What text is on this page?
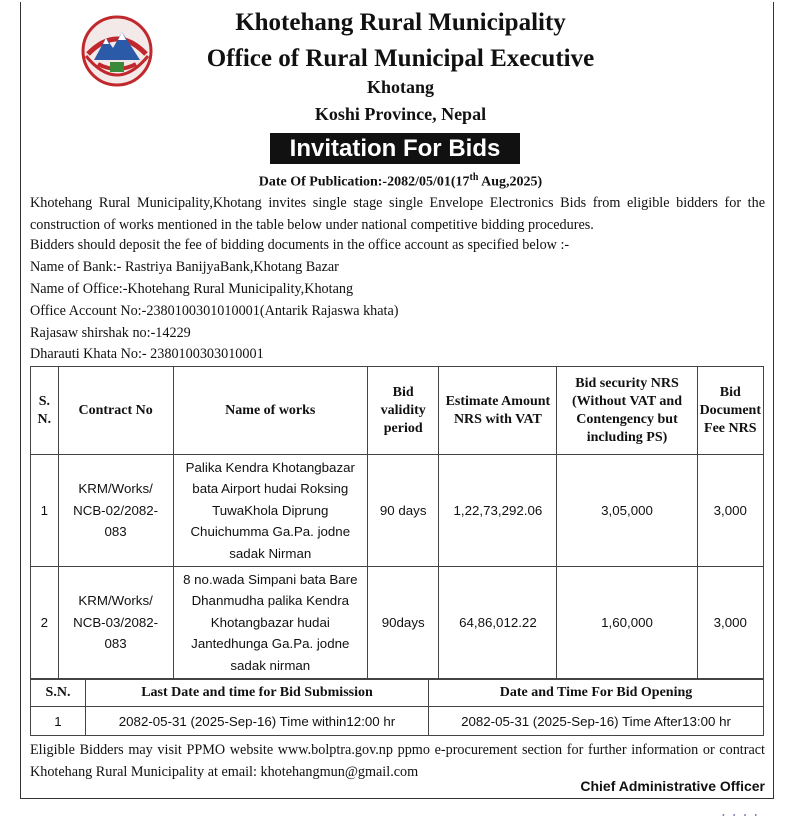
Khotehang Rural Municipality
Office of Rural Municipal Executive
Khotang
Koshi Province, Nepal
Invitation For Bids
Date Of Publication:-2082/05/01(17th Aug,2025)
Khotehang Rural Municipality,Khotang invites single stage single Envelope Electronics Bids from eligible bidders for the construction of works mentioned in the table below under national competitive bidding procedures.
Bidders should deposit the fee of bidding documents in the office account as specified below :-
Name of Bank:- Rastriya BanijyaBank,Khotang Bazar
Name of Office:-Khotehang Rural Municipality,Khotang
Office Account No:-2380100301010001(Antarik Rajaswa khata)
Rajasaw shirshak no:-14229
Dharauti Khata No:- 2380100303010001
S. N.	Contract No	Name of works	Bid validity period	Estimate Amount NRS with VAT	Bid security NRS (Without VAT and Contengency but including PS)	Bid Document Fee NRS
1	KRM/Works/ NCB-02/2082-083	Palika Kendra Khotangbazar bata Airport hudai Roksing TuwaKhola Diprung Chuichumma Ga.Pa. jodne sadak Nirman	90 days	1,22,73,292.06	3,05,000	3,000
2	KRM/Works/ NCB-03/2082-083	8 no.wada Simpani bata Bare Dhanmudha palika Kendra Khotangbazar hudai Jantedhunga Ga.Pa. jodne sadak nirman	90days	64,86,012.22	1,60,000	3,000
S.N.	Last Date and time for Bid Submission	Date and Time For Bid Opening
1	2082-05-31 (2025-Sep-16) Time within12:00 hr	2082-05-31 (2025-Sep-16) Time After13:00 hr
Eligible Bidders may visit PPMO website www.bolptra.gov.np ppmo e-procurement section for further information or contract Khotehang Rural Municipality at email: khotehangmun@gmail.com
Chief Administrative Officer
• • • •
